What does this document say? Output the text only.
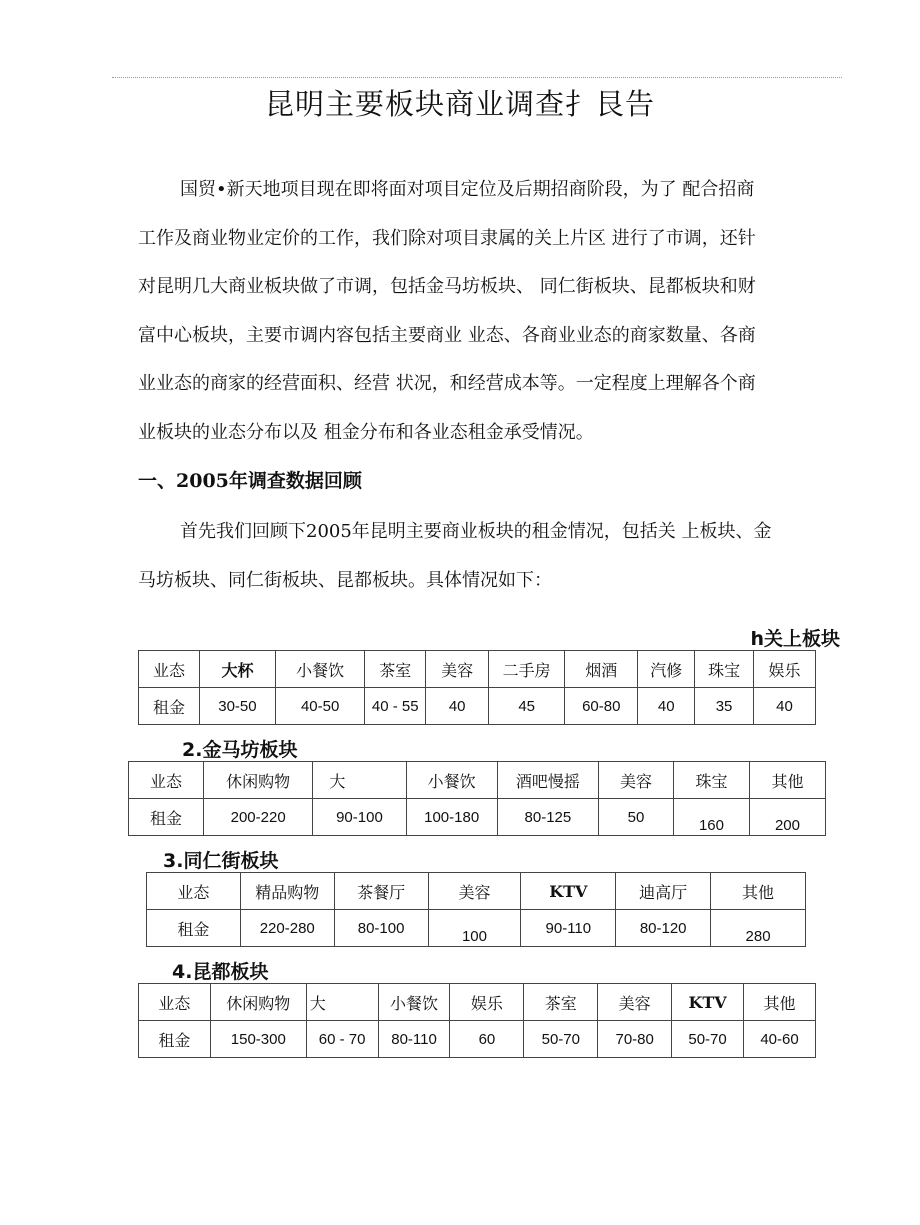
昆明主要板块商业调查扌艮告

国贸•新天地项目现在即将面对项目定位及后期招商阶段，为了 配合招商

工作及商业物业定价的工作，我们除对项目隶属的关上片区 进行了市调，还针

对昆明几大商业板块做了市调，包括金马坊板块、 同仁街板块、昆都板块和财

富中心板块，主要市调内容包括主要商业 业态、各商业业态的商家数量、各商

业业态的商家的经营面积、经营 状况，和经营成本等。一定程度上理解各个商

业板块的业态分布以及 租金分布和各业态租金承受情况。

一、2005年调查数据回顾

首先我们回顾下2005年昆明主要商业板块的租金情况，包括关 上板块、金

马坊板块、同仁街板块、昆都板块。具体情况如下：

h关上板块
业态	大杯	小餐饮	茶室	美容	二手房	烟酒	汽修	珠宝	娱乐
租金	30-50	40-50	40 - 55	40	45	60-80	40	35	40
2.金马坊板块
业态	休闲购物	大	小餐饮	酒吧慢摇	美容	珠宝	其他
租金	200-220	90-100	100-180	80-125	50	160	200
3.同仁街板块
业态	精品购物	茶餐厅	美容	KTV	迪高厅	其他
租金	220-280	80-100	100	90-110	80-120	280
4.昆都板块
业态	休闲购物	大	小餐饮	娱乐	茶室	美容	KTV	其他
租金	150-300	60 - 70	80-110	60	50-70	70-80	50-70	40-60
